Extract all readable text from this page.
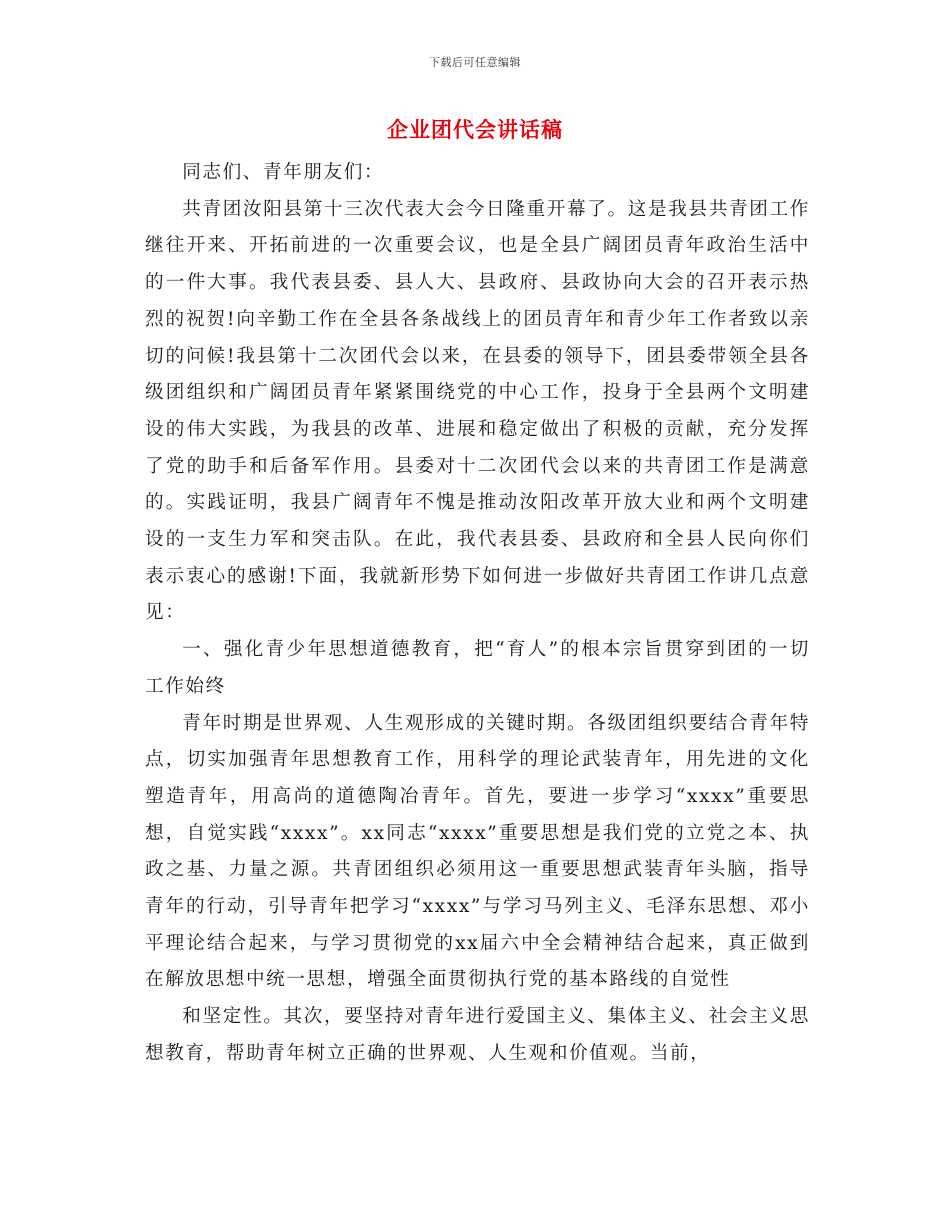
下载后可任意编辑
企业团代会讲话稿

同志们、青年朋友们：

共青团汝阳县第十三次代表大会今日隆重开幕了。这是我县共青团工作继往开来、开拓前进的一次重要会议，也是全县广阔团员青年政治生活中的一件大事。我代表县委、县人大、县政府、县政协向大会的召开表示热烈的祝贺!向辛勤工作在全县各条战线上的团员青年和青少年工作者致以亲切的问候!我县第十二次团代会以来，在县委的领导下，团县委带领全县各级团组织和广阔团员青年紧紧围绕党的中心工作，投身于全县两个文明建设的伟大实践，为我县的改革、进展和稳定做出了积极的贡献，充分发挥了党的助手和后备军作用。县委对十二次团代会以来的共青团工作是满意的。实践证明，我县广阔青年不愧是推动汝阳改革开放大业和两个文明建设的一支生力军和突击队。在此，我代表县委、县政府和全县人民向你们表示衷心的感谢!下面，我就新形势下如何进一步做好共青团工作讲几点意见：

一、强化青少年思想道德教育，把“育人”的根本宗旨贯穿到团的一切工作始终

青年时期是世界观、人生观形成的关键时期。各级团组织要结合青年特点，切实加强青年思想教育工作，用科学的理论武装青年，用先进的文化塑造青年，用高尚的道德陶冶青年。首先，要进一步学习“xxxx”重要思想，自觉实践“xxxx”。xx同志“xxxx”重要思想是我们党的立党之本、执政之基、力量之源。共青团组织必须用这一重要思想武装青年头脑，指导青年的行动，引导青年把学习“xxxx”与学习马列主义、毛泽东思想、邓小平理论结合起来，与学习贯彻党的xx届六中全会精神结合起来，真正做到在解放思想中统一思想，增强全面贯彻执行党的基本路线的自觉性

和坚定性。其次，要坚持对青年进行爱国主义、集体主义、社会主义思想教育，帮助青年树立正确的世界观、人生观和价值观。当前，
